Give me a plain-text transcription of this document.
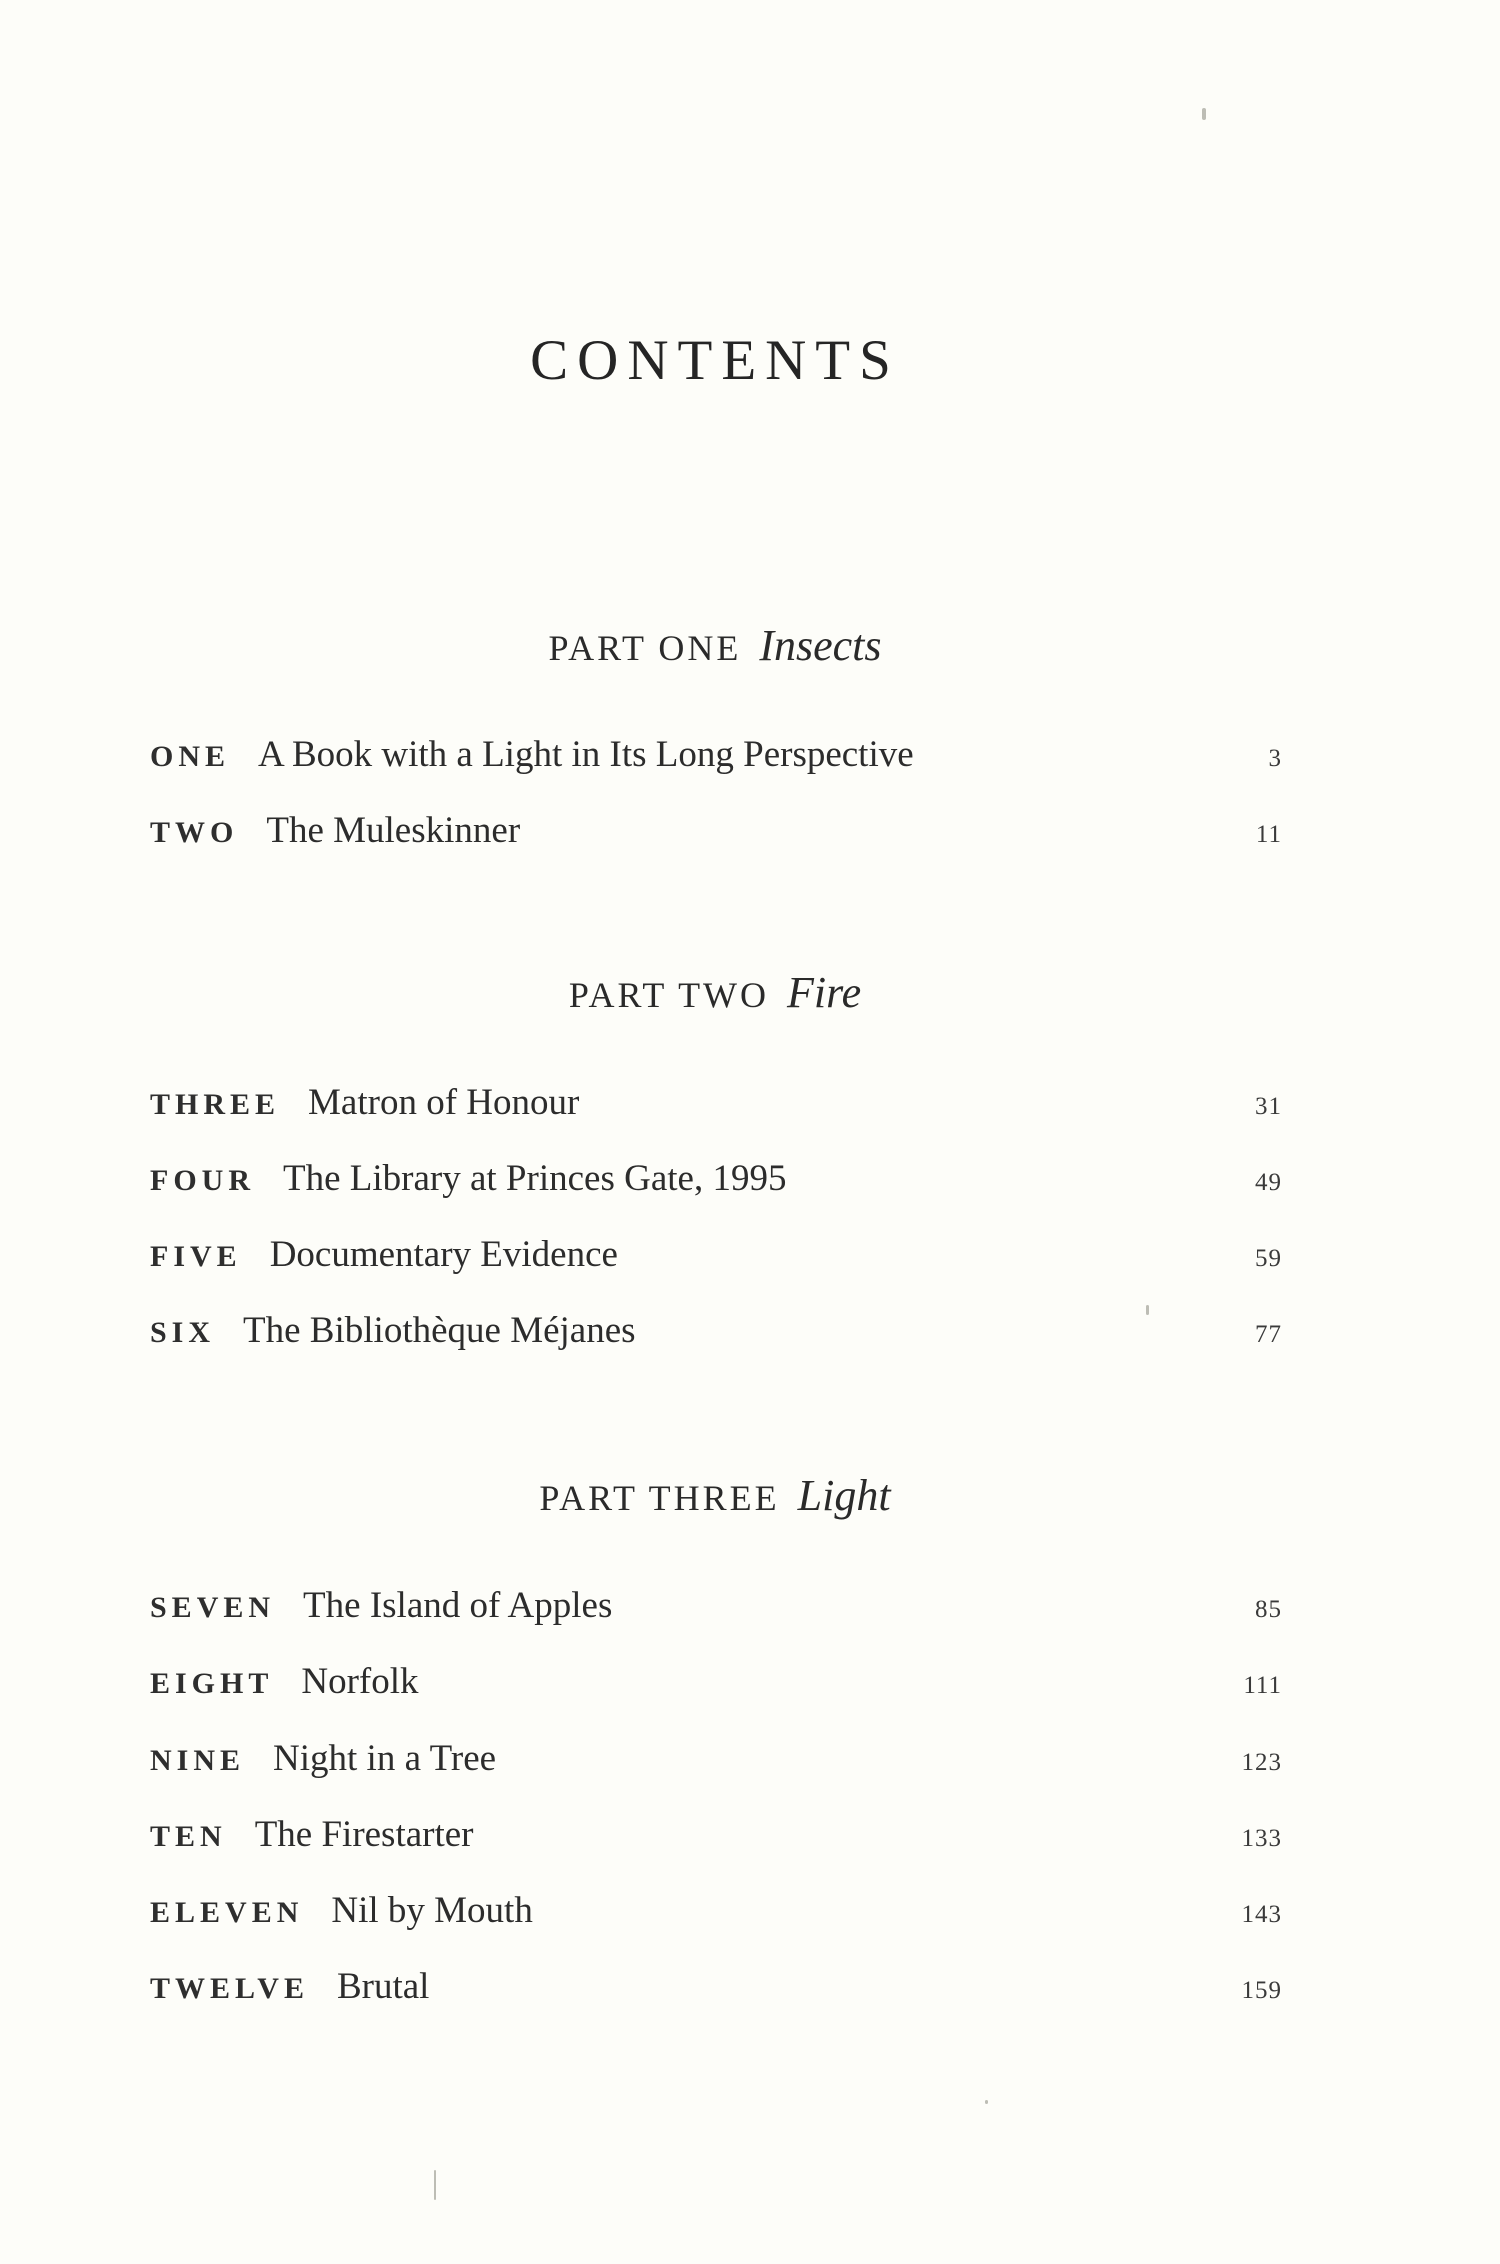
CONTENTS
PART ONE Insects
ONE A Book with a Light in Its Long Perspective	3
TWO The Muleskinner	11
PART TWO Fire
THREE Matron of Honour	31
FOUR The Library at Princes Gate, 1995	49
FIVE Documentary Evidence	59
SIX The Bibliothèque Méjanes	77
PART THREE Light
SEVEN The Island of Apples	85
EIGHT Norfolk	111
NINE Night in a Tree	123
TEN The Firestarter	133
ELEVEN Nil by Mouth	143
TWELVE Brutal	159
